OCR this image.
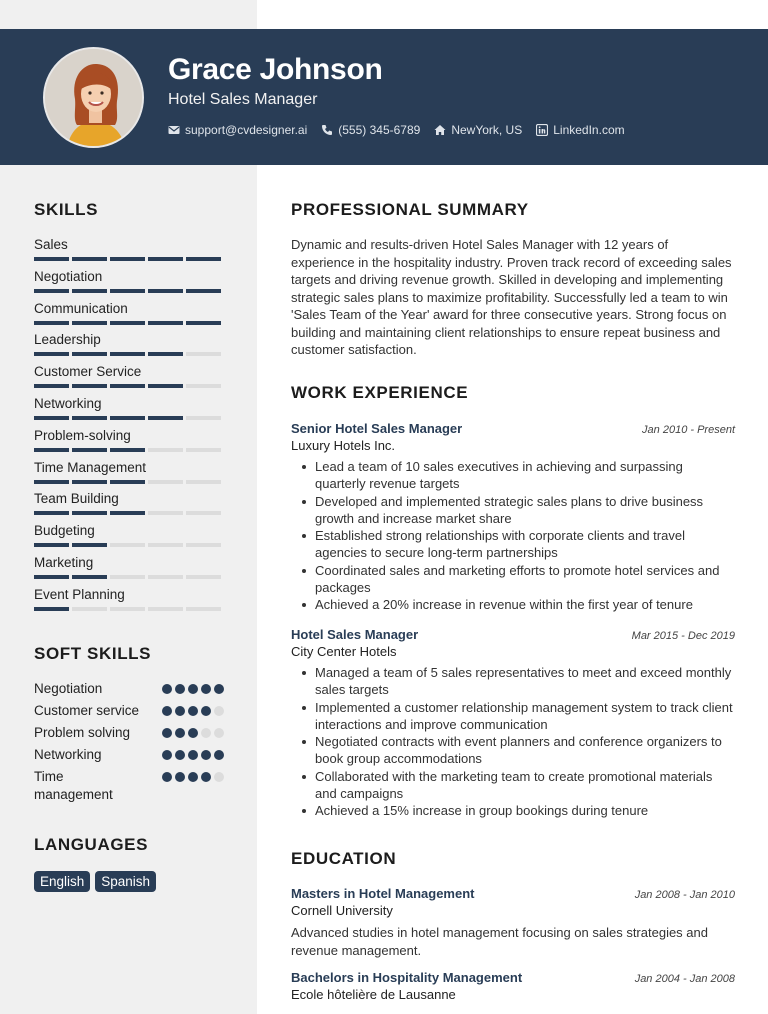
Grace Johnson
Hotel Sales Manager
support@cvdesigner.ai	(555) 345-6789	NewYork, US	LinkedIn.com
SKILLS
Sales
Negotiation
Communication
Leadership
Customer Service
Networking
Problem-solving
Time Management
Team Building
Budgeting
Marketing
Event Planning
SOFT SKILLS
Negotiation
Customer service
Problem solving
Networking
Time management
LANGUAGES
English	Spanish
PROFESSIONAL SUMMARY
Dynamic and results-driven Hotel Sales Manager with 12 years of experience in the hospitality industry. Proven track record of exceeding sales targets and driving revenue growth. Skilled in developing and implementing strategic sales plans to maximize profitability. Successfully led a team to win 'Sales Team of the Year' award for three consecutive years. Strong focus on building and maintaining client relationships to ensure repeat business and customer satisfaction.
WORK EXPERIENCE
Senior Hotel Sales Manager	Jan 2010 - Present
Luxury Hotels Inc.
Lead a team of 10 sales executives in achieving and surpassing quarterly revenue targets
Developed and implemented strategic sales plans to drive business growth and increase market share
Established strong relationships with corporate clients and travel agencies to secure long-term partnerships
Coordinated sales and marketing efforts to promote hotel services and packages
Achieved a 20% increase in revenue within the first year of tenure
Hotel Sales Manager	Mar 2015 - Dec 2019
City Center Hotels
Managed a team of 5 sales representatives to meet and exceed monthly sales targets
Implemented a customer relationship management system to track client interactions and improve communication
Negotiated contracts with event planners and conference organizers to book group accommodations
Collaborated with the marketing team to create promotional materials and campaigns
Achieved a 15% increase in group bookings during tenure
EDUCATION
Masters in Hotel Management	Jan 2008 - Jan 2010
Cornell University
Advanced studies in hotel management focusing on sales strategies and revenue management.
Bachelors in Hospitality Management	Jan 2004 - Jan 2008
Ecole hôtelière de Lausanne
